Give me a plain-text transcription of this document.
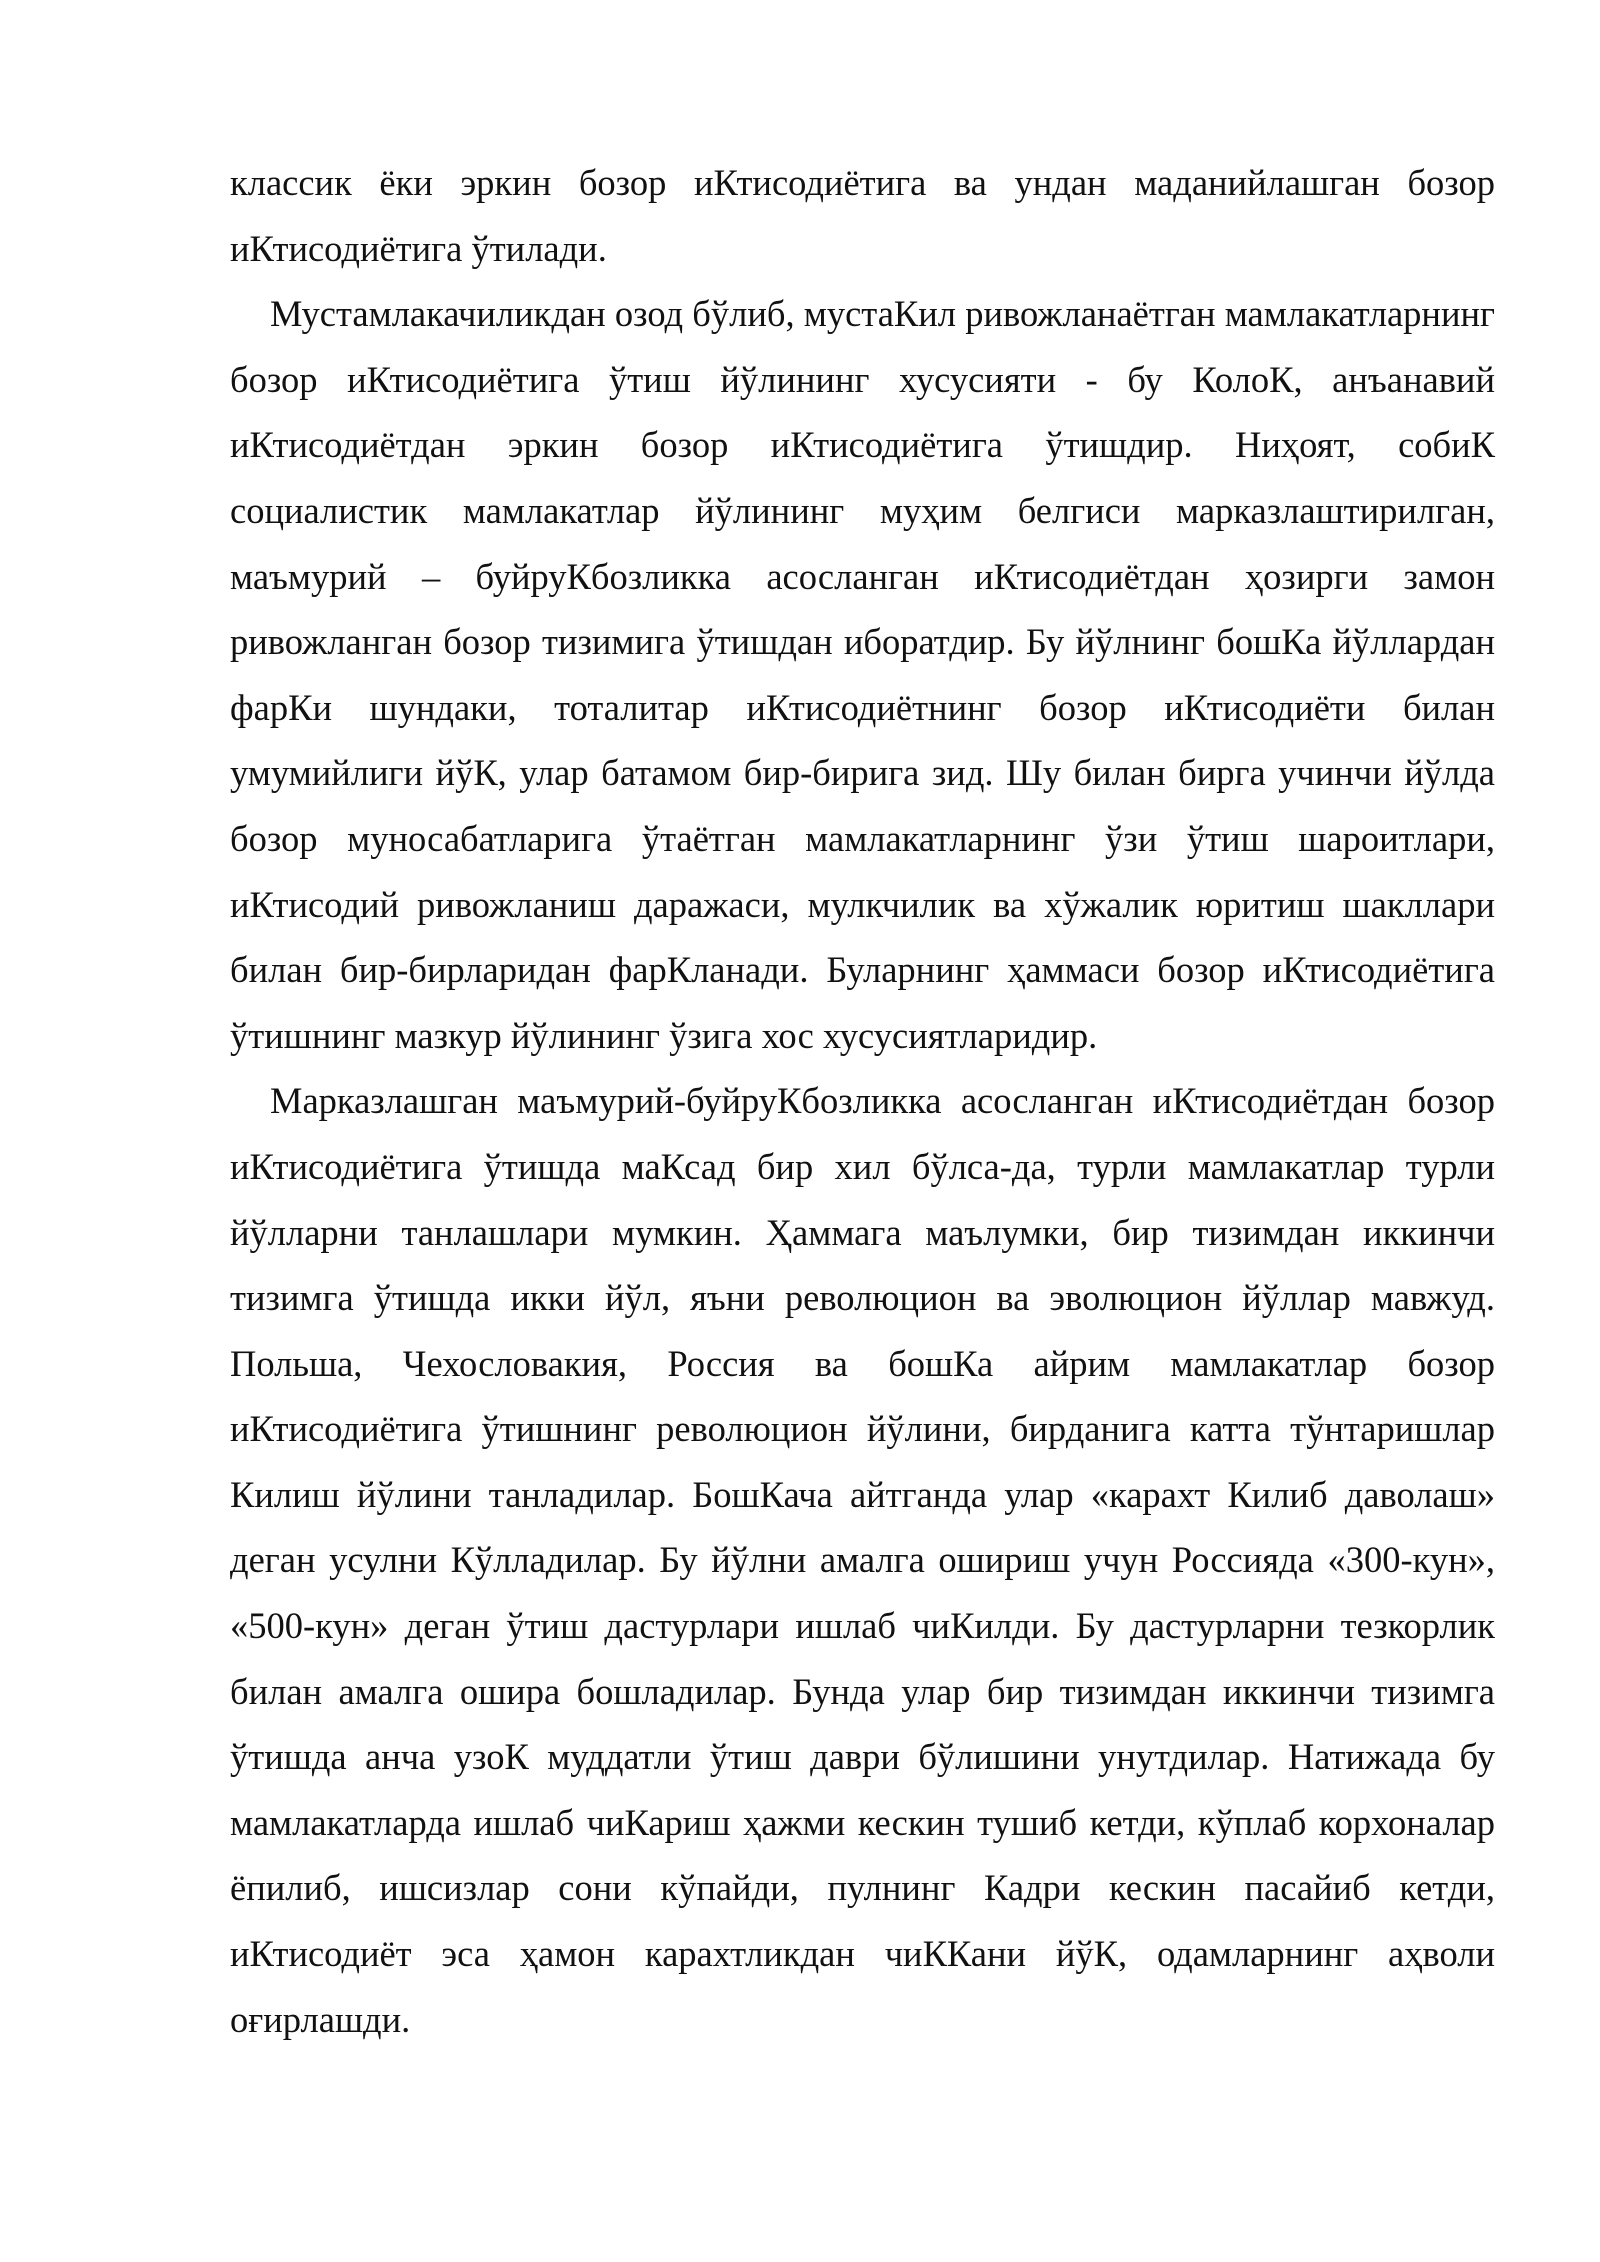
классик ёки эркин бозор иКтисодиётига ва ундан маданийлашган бозор иКтисодиётига ўтилади.

Мустамлакачиликдан озод бўлиб, мустаКил ривожланаётган мамлакатларнинг бозор иКтисодиётига ўтиш йўлининг хусусияти - бу КолоК, анъанавий иКтисодиётдан эркин бозор иКтисодиётига ўтишдир. Ниҳоят, собиК социалистик мамлакатлар йўлининг муҳим белгиси марказлаштирилган, маъмурий – буйруКбозликка асосланган иКтисодиётдан ҳозирги замон ривожланган бозор тизимига ўтишдан иборатдир. Бу йўлнинг бошКа йўллардан фарКи шундаки, тоталитар иКтисодиётнинг бозор иКтисодиёти билан умумийлиги йўК, улар батамом бир-бирига зид. Шу билан бирга учинчи йўлда бозор муносабатларига ўтаётган мамлакатларнинг ўзи ўтиш шароитлари, иКтисодий ривожланиш даражаси, мулкчилик ва хўжалик юритиш шакллари билан бир-бирларидан фарКланади. Буларнинг ҳаммаси бозор иКтисодиётига ўтишнинг мазкур йўлининг ўзига хос хусусиятларидир.

Марказлашган маъмурий-буйруКбозликка асосланган иКтисодиётдан бозор иКтисодиётига ўтишда маКсад бир хил бўлса-да, турли мамлакатлар турли йўлларни танлашлари мумкин. Ҳаммага маълумки, бир тизимдан иккинчи тизимга ўтишда икки йўл, яъни революцион ва эволюцион йўллар мавжуд. Польша, Чехословакия, Россия ва бошКа айрим мамлакатлар бозор иКтисодиётига ўтишнинг революцион йўлини, бирданига катта тўнтаришлар Килиш йўлини танладилар. БошКача айтганда улар «карахт Килиб даволаш» деган усулни Кўлладилар. Бу йўлни амалга ошириш учун Россияда «300-кун», «500-кун» деган ўтиш дастурлари ишлаб чиКилди. Бу дастурларни тезкорлик билан амалга ошира бошладилар. Бунда улар бир тизимдан иккинчи тизимга ўтишда анча узоК муддатли ўтиш даври бўлишини унутдилар. Натижада бу мамлакатларда ишлаб чиКариш ҳажми кескин тушиб кетди, кўплаб корхоналар ёпилиб, ишсизлар сони кўпайди, пулнинг Кадри кескин пасайиб кетди, иКтисодиёт эса ҳамон карахтликдан чиККани йўК, одамларнинг аҳволи оғирлашди.
